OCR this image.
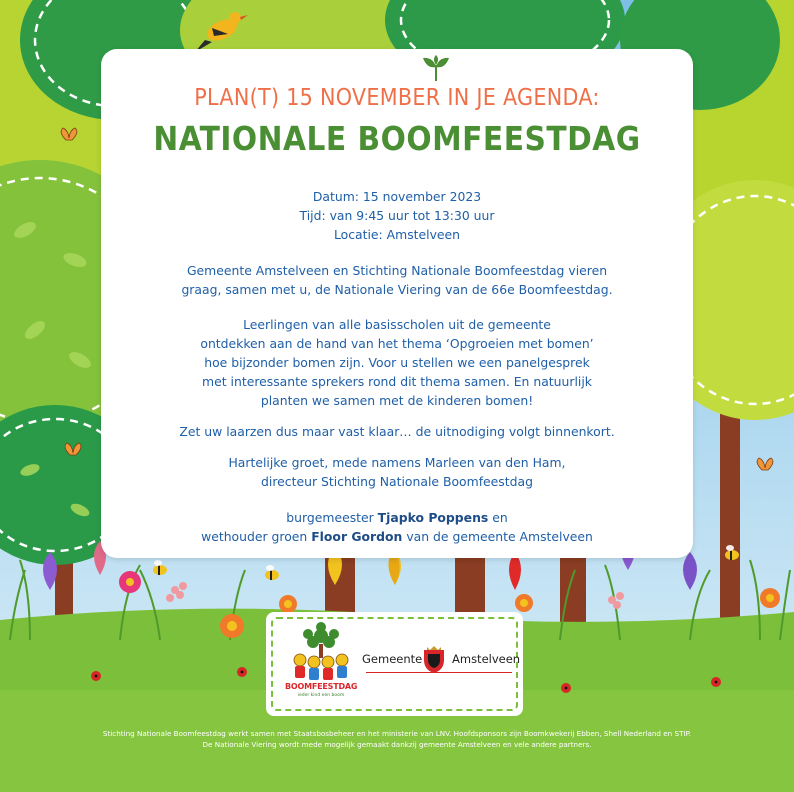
PLAN(T) 15 NOVEMBER IN JE AGENDA:
NATIONALE BOOMFEESTDAG

Datum: 15 november 2023

Tijd: van 9:45 uur tot 13:30 uur

Locatie: Amstelveen

Gemeente Amstelveen en Stichting Nationale Boomfeestdag vieren

graag, samen met u, de Nationale Viering van de 66e Boomfeestdag.

Leerlingen van alle basisscholen uit de gemeente

ontdekken aan de hand van het thema ‘Opgroeien met bomen’

hoe bijzonder bomen zijn. Voor u stellen we een panelgesprek

met interessante sprekers rond dit thema samen. En natuurlijk

planten we samen met de kinderen bomen!

Zet uw laarzen dus maar vast klaar… de uitnodiging volgt binnenkort.

Hartelijke groet, mede namens Marleen van den Ham,

directeur Stichting Nationale Boomfeestdag

burgemeester Tjapko Poppens en

wethouder groen Floor Gordon van de gemeente Amstelveen

BOOMFEESTDAG
ieder kind een boom
Gemeente	Amstelveen

Stichting Nationale Boomfeestdag werkt samen met Staatsbosbeheer en het ministerie van LNV. Hoofdsponsors zijn Boomkwekerij Ebben, Shell Nederland en STIP.

De Nationale Viering wordt mede mogelijk gemaakt dankzij gemeente Amstelveen en vele andere partners.
